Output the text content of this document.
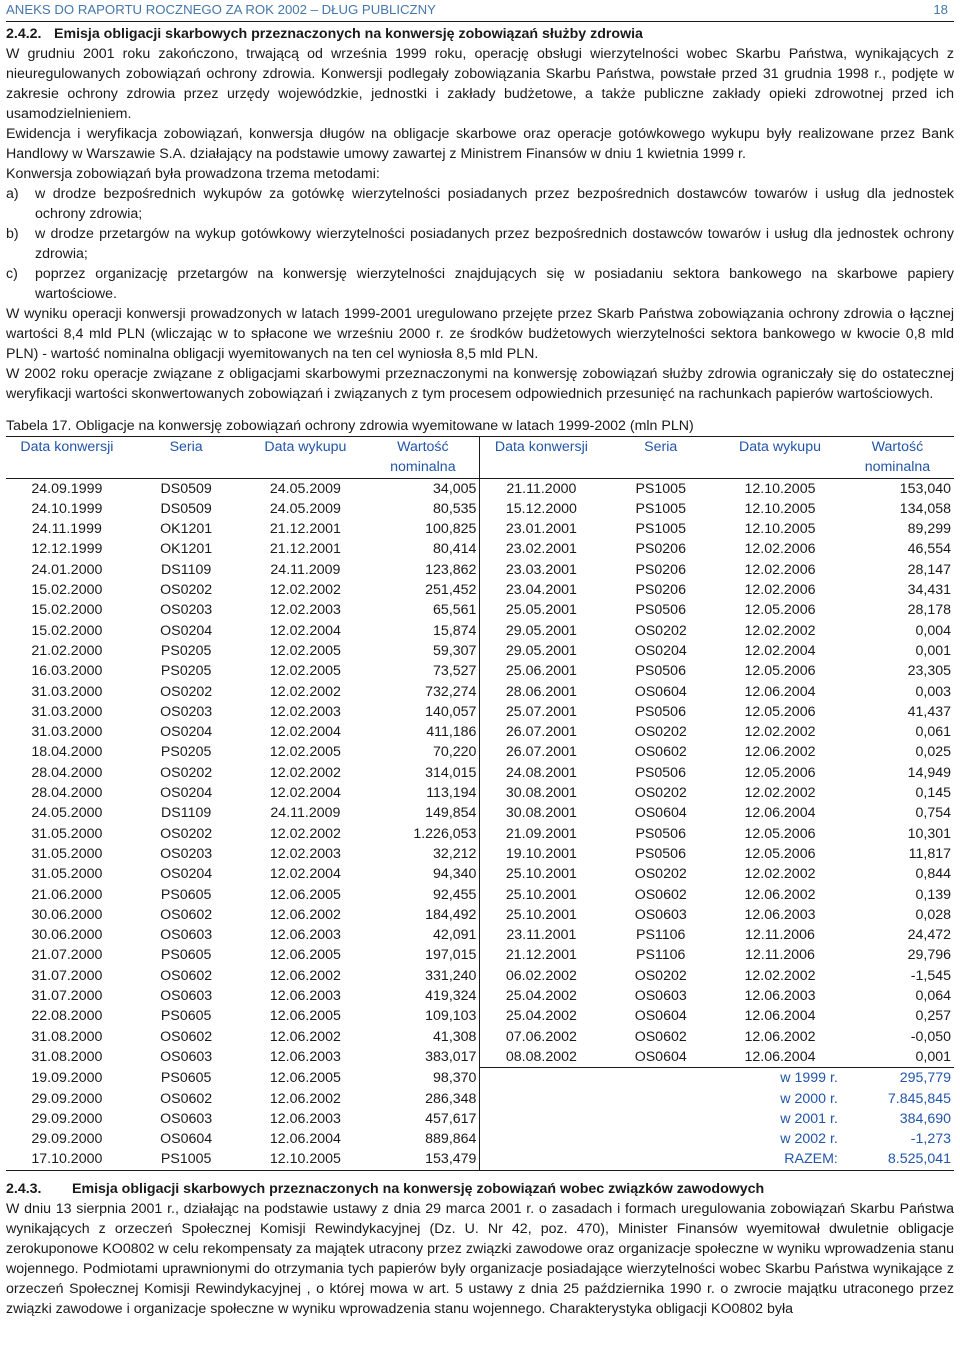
ANEKS DO RAPORTU ROCZNEGO ZA ROK 2002 – DŁUG PUBLICZNY	18
2.4.2. Emisja obligacji skarbowych przeznaczonych na konwersję zobowiązań służby zdrowia

W grudniu 2001 roku zakończono, trwającą od września 1999 roku, operację obsługi wierzytelności wobec Skarbu Państwa, wynikających z nieuregulowanych zobowiązań ochrony zdrowia. Konwersji podlegały zobowiązania Skarbu Państwa, powstałe przed 31 grudnia 1998 r., podjęte w zakresie ochrony zdrowia przez urzędy wojewódzkie, jednostki i zakłady budżetowe, a także publiczne zakłady opieki zdrowotnej przed ich usamodzielnieniem.

Ewidencja i weryfikacja zobowiązań, konwersja długów na obligacje skarbowe oraz operacje gotówkowego wykupu były realizowane przez Bank Handlowy w Warszawie S.A. działający na podstawie umowy zawartej z Ministrem Finansów w dniu 1 kwietnia 1999 r.

Konwersja zobowiązań była prowadzona trzema metodami:

a)	w drodze bezpośrednich wykupów za gotówkę wierzytelności posiadanych przez bezpośrednich dostawców towarów i usług dla jednostek ochrony zdrowia;
b)	w drodze przetargów na wykup gotówkowy wierzytelności posiadanych przez bezpośrednich dostawców towarów i usług dla jednostek ochrony zdrowia;
c)	poprzez organizację przetargów na konwersję wierzytelności znajdujących się w posiadaniu sektora bankowego na skarbowe papiery wartościowe.

W wyniku operacji konwersji prowadzonych w latach 1999-2001 uregulowano przejęte przez Skarb Państwa zobowiązania ochrony zdrowia o łącznej wartości 8,4 mld PLN (wliczając w to spłacone we wrześniu 2000 r. ze środków budżetowych wierzytelności sektora bankowego w kwocie 0,8 mld PLN) - wartość nominalna obligacji wyemitowanych na ten cel wyniosła 8,5 mld PLN.

W 2002 roku operacje związane z obligacjami skarbowymi przeznaczonymi na konwersję zobowiązań służby zdrowia ograniczały się do ostatecznej weryfikacji wartości skonwertowanych zobowiązań i związanych z tym procesem odpowiednich przesunięć na rachunkach papierów wartościowych.

Tabela 17. Obligacje na konwersję zobowiązań ochrony zdrowia wyemitowane w latach 1999-2002 (mln PLN)
Data konwersji	Seria	Data wykupu	Wartość nominalna	Data konwersji	Seria	Data wykupu	Wartość nominalna
24.09.1999	DS0509	24.05.2009	34,005	21.11.2000	PS1005	12.10.2005	153,040
24.10.1999	DS0509	24.05.2009	80,535	15.12.2000	PS1005	12.10.2005	134,058
24.11.1999	OK1201	21.12.2001	100,825	23.01.2001	PS1005	12.10.2005	89,299
12.12.1999	OK1201	21.12.2001	80,414	23.02.2001	PS0206	12.02.2006	46,554
24.01.2000	DS1109	24.11.2009	123,862	23.03.2001	PS0206	12.02.2006	28,147
15.02.2000	OS0202	12.02.2002	251,452	23.04.2001	PS0206	12.02.2006	34,431
15.02.2000	OS0203	12.02.2003	65,561	25.05.2001	PS0506	12.05.2006	28,178
15.02.2000	OS0204	12.02.2004	15,874	29.05.2001	OS0202	12.02.2002	0,004
21.02.2000	PS0205	12.02.2005	59,307	29.05.2001	OS0204	12.02.2004	0,001
16.03.2000	PS0205	12.02.2005	73,527	25.06.2001	PS0506	12.05.2006	23,305
31.03.2000	OS0202	12.02.2002	732,274	28.06.2001	OS0604	12.06.2004	0,003
31.03.2000	OS0203	12.02.2003	140,057	25.07.2001	PS0506	12.05.2006	41,437
31.03.2000	OS0204	12.02.2004	411,186	26.07.2001	OS0202	12.02.2002	0,061
18.04.2000	PS0205	12.02.2005	70,220	26.07.2001	OS0602	12.06.2002	0,025
28.04.2000	OS0202	12.02.2002	314,015	24.08.2001	PS0506	12.05.2006	14,949
28.04.2000	OS0204	12.02.2004	113,194	30.08.2001	OS0202	12.02.2002	0,145
24.05.2000	DS1109	24.11.2009	149,854	30.08.2001	OS0604	12.06.2004	0,754
31.05.2000	OS0202	12.02.2002	1.226,053	21.09.2001	PS0506	12.05.2006	10,301
31.05.2000	OS0203	12.02.2003	32,212	19.10.2001	PS0506	12.05.2006	11,817
31.05.2000	OS0204	12.02.2004	94,340	25.10.2001	OS0202	12.02.2002	0,844
21.06.2000	PS0605	12.06.2005	92,455	25.10.2001	OS0602	12.06.2002	0,139
30.06.2000	OS0602	12.06.2002	184,492	25.10.2001	OS0603	12.06.2003	0,028
30.06.2000	OS0603	12.06.2003	42,091	23.11.2001	PS1106	12.11.2006	24,472
21.07.2000	PS0605	12.06.2005	197,015	21.12.2001	PS1106	12.11.2006	29,796
31.07.2000	OS0602	12.06.2002	331,240	06.02.2002	OS0202	12.02.2002	-1,545
31.07.2000	OS0603	12.06.2003	419,324	25.04.2002	OS0603	12.06.2003	0,064
22.08.2000	PS0605	12.06.2005	109,103	25.04.2002	OS0604	12.06.2004	0,257
31.08.2000	OS0602	12.06.2002	41,308	07.06.2002	OS0602	12.06.2002	-0,050
31.08.2000	OS0603	12.06.2003	383,017	08.08.2002	OS0604	12.06.2004	0,001
19.09.2000	PS0605	12.06.2005	98,370	w 1999 r.			295,779
29.09.2000	OS0602	12.06.2002	286,348	w 2000 r.			7.845,845
29.09.2000	OS0603	12.06.2003	457,617	w 2001 r.			384,690
29.09.2000	OS0604	12.06.2004	889,864	w 2002 r.			-1,273
17.10.2000	PS1005	12.10.2005	153,479	RAZEM:			8.525,041
2.4.3.	Emisja obligacji skarbowych przeznaczonych na konwersję zobowiązań wobec związków zawodowych

W dniu 13 sierpnia 2001 r., działając na podstawie ustawy z dnia 29 marca 2001 r. o zasadach i formach uregulowania zobowiązań Skarbu Państwa wynikających z orzeczeń Społecznej Komisji Rewindykacyjnej (Dz. U. Nr 42, poz. 470), Minister Finansów wyemitował dwuletnie obligacje zerokuponowe KO0802 w celu rekompensaty za majątek utracony przez związki zawodowe oraz organizacje społeczne w wyniku wprowadzenia stanu wojennego. Podmiotami uprawnionymi do otrzymania tych papierów były organizacje posiadające wierzytelności wobec Skarbu Państwa wynikające z orzeczeń Społecznej Komisji Rewindykacyjnej , o której mowa w art. 5 ustawy z dnia 25 października 1990 r. o zwrocie majątku utraconego przez związki zawodowe i organizacje społeczne w wyniku wprowadzenia stanu wojennego. Charakterystyka obligacji KO0802 była
